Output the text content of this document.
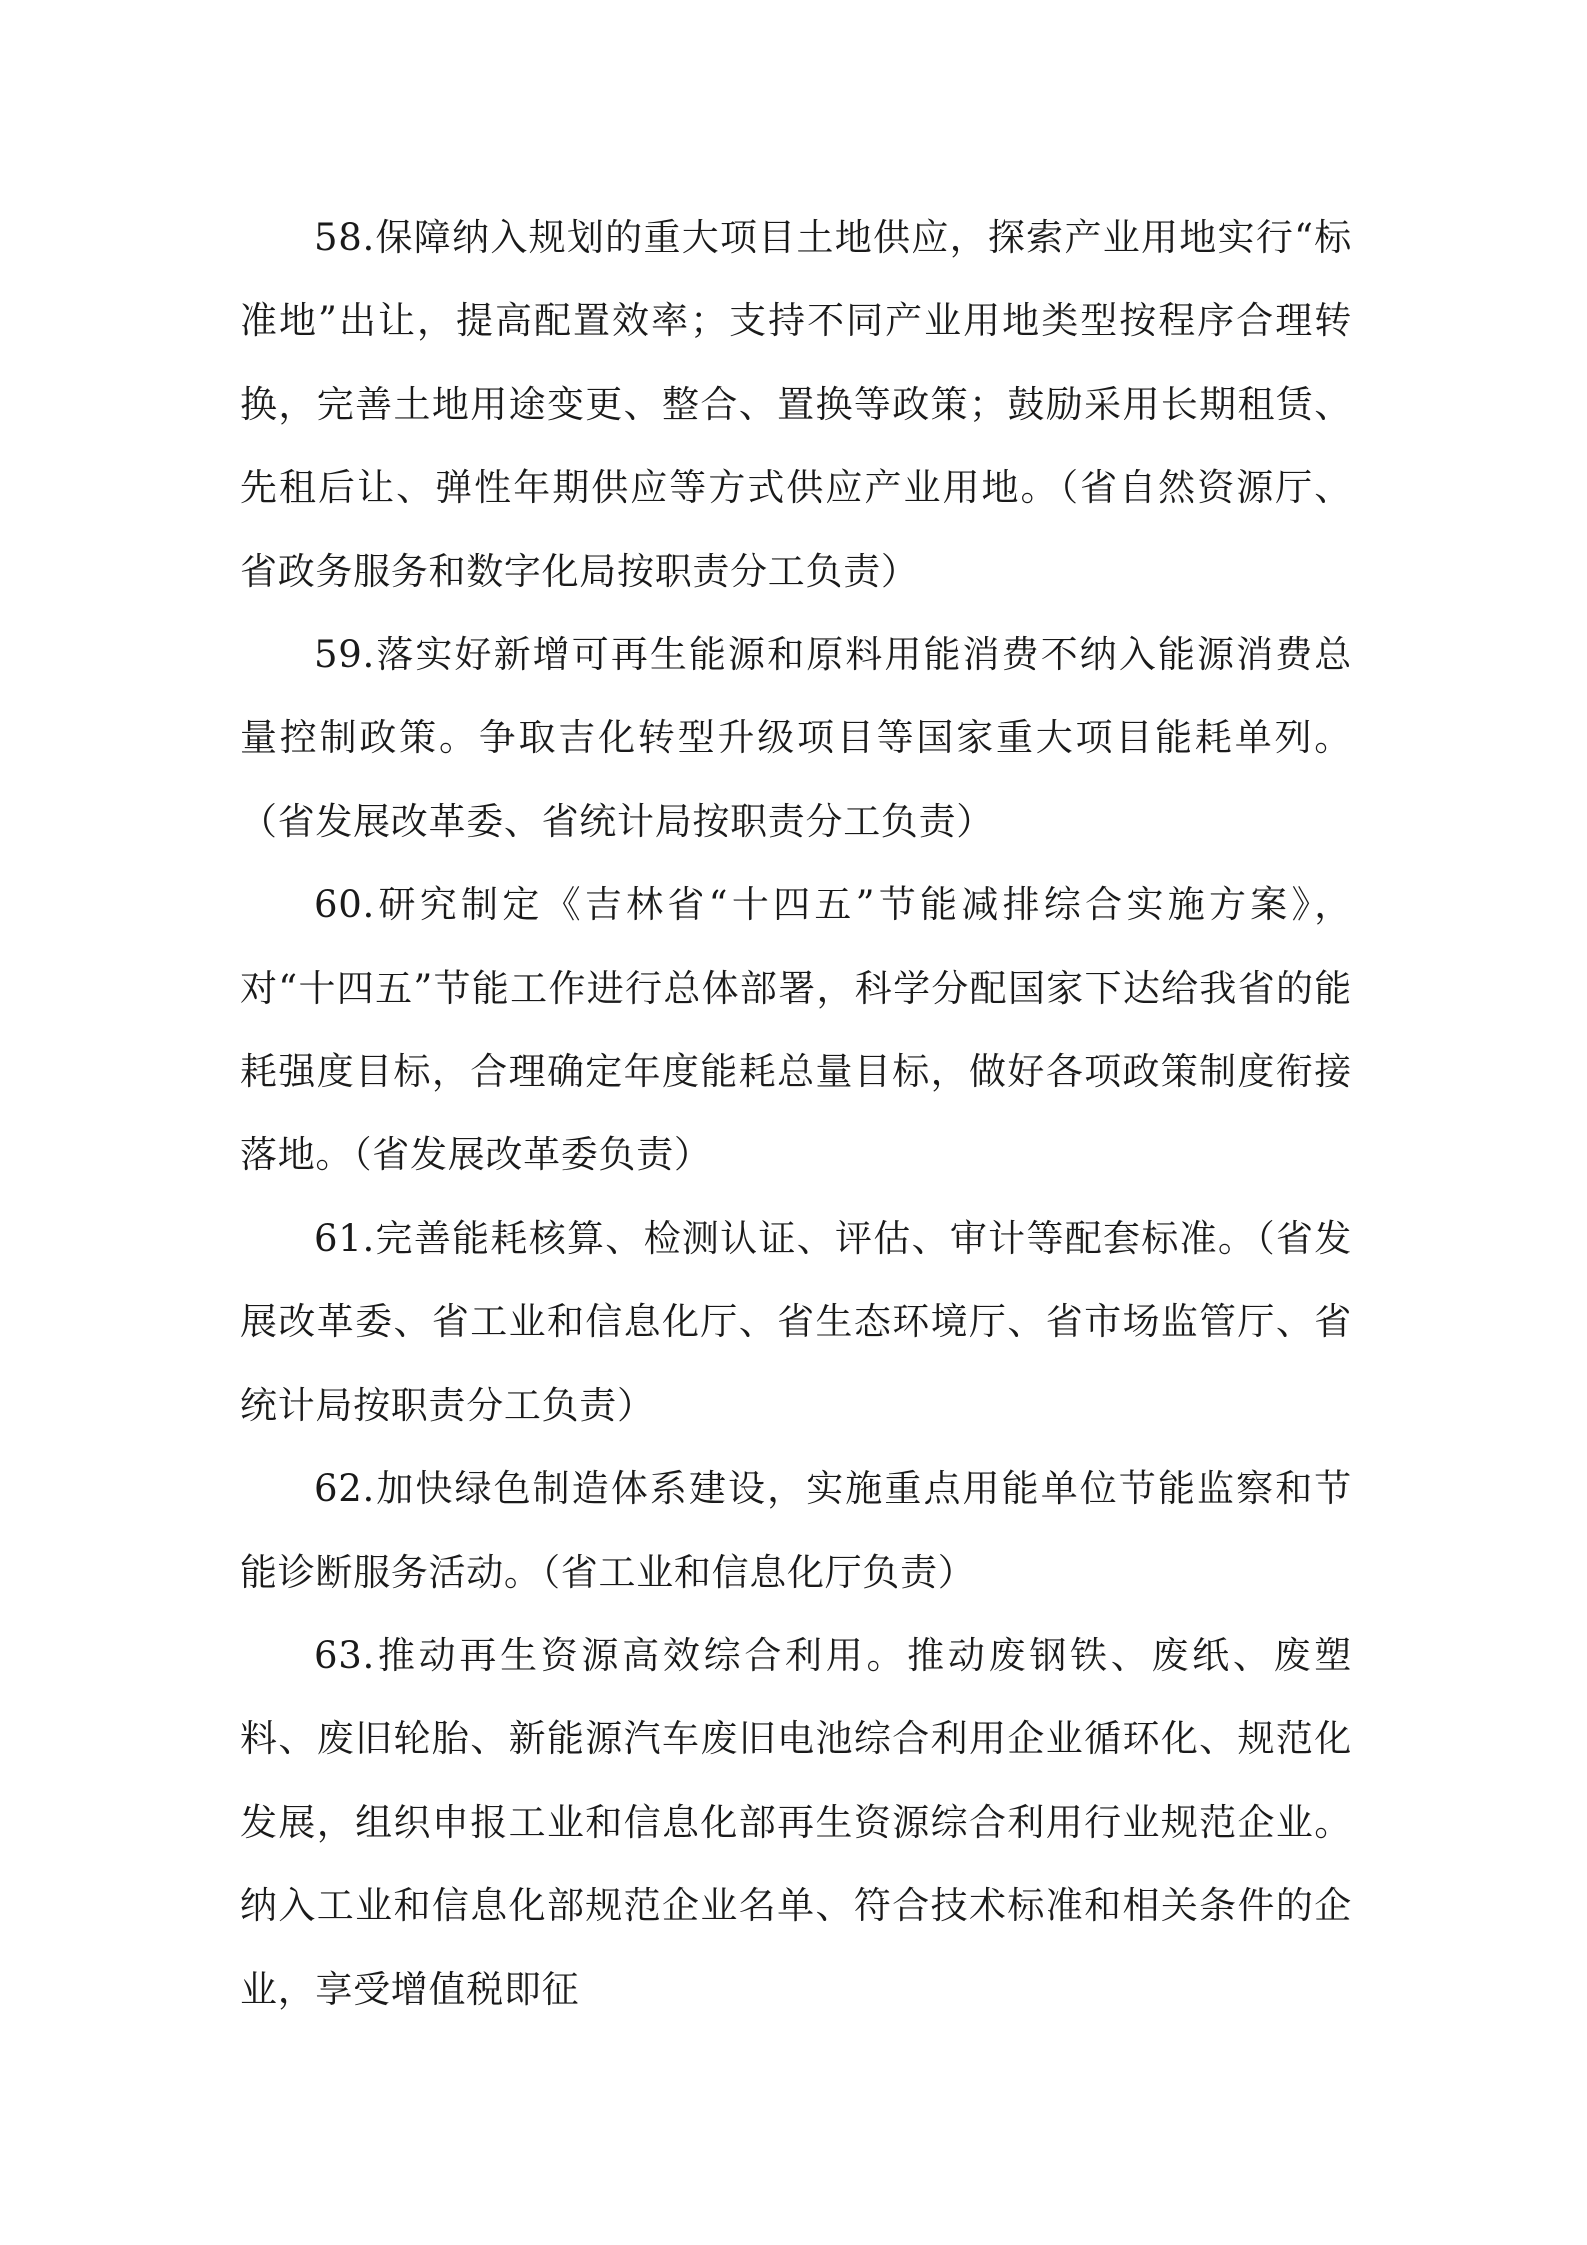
58.保障纳入规划的重大项目土地供应，探索产业用地实行“标准地”出让，提高配置效率；支持不同产业用地类型按程序合理转换，完善土地用途变更、整合、置换等政策；鼓励采用长期租赁、先租后让、弹性年期供应等方式供应产业用地。（省自然资源厅、省政务服务和数字化局按职责分工负责）

59.落实好新增可再生能源和原料用能消费不纳入能源消费总量控制政策。争取吉化转型升级项目等国家重大项目能耗单列。（省发展改革委、省统计局按职责分工负责）

60.研究制定《吉林省“十四五”节能减排综合实施方案》，对“十四五”节能工作进行总体部署，科学分配国家下达给我省的能耗强度目标，合理确定年度能耗总量目标，做好各项政策制度衔接落地。（省发展改革委负责）

61.完善能耗核算、检测认证、评估、审计等配套标准。（省发展改革委、省工业和信息化厅、省生态环境厅、省市场监管厅、省统计局按职责分工负责）

62.加快绿色制造体系建设，实施重点用能单位节能监察和节能诊断服务活动。（省工业和信息化厅负责）

63.推动再生资源高效综合利用。推动废钢铁、废纸、废塑料、废旧轮胎、新能源汽车废旧电池综合利用企业循环化、规范化发展，组织申报工业和信息化部再生资源综合利用行业规范企业。纳入工业和信息化部规范企业名单、符合技术标准和相关条件的企业，享受增值税即征
